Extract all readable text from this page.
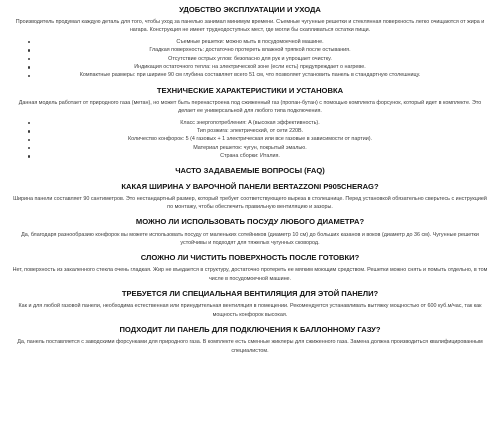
УДОБСТВО ЭКСПЛУАТАЦИИ И УХОДА

Производитель продумал каждую деталь для того, чтобы уход за панелью занимал минимум времени. Съемные чугунные решетки и стеклянная поверхность легко очищаются от жира и нагара. Конструкция не имеет труднодоступных мест, где могли бы скапливаться остатки пищи.

Съемные решетки: можно мыть в посудомоечной машине.
Гладкая поверхность: достаточно протереть влажной тряпкой после остывания.
Отсутствие острых углов: безопасно для рук и упрощает очистку.
Индикация остаточного тепла: на электрической зоне (если есть) предупреждает о нагреве.
Компактные размеры: при ширине 90 см глубина составляет всего 51 см, что позволяет установить панель в стандартную столешницу.
ТЕХНИЧЕСКИЕ ХАРАКТЕРИСТИКИ И УСТАНОВКА

Данная модель работает от природного газа (метан), но может быть перенастроена под сжиженный газ (пропан-бутан) с помощью комплекта форсунок, который идет в комплекте. Это делает ее универсальной для любого типа подключения.

Класс энергопотребления: A (высокая эффективность).
Тип розжига: электрический, от сети 220В.
Количество конфорок: 5 (4 газовых + 1 электрическая или все газовые в зависимости от партии).
Материал решеток: чугун, покрытый эмалью.
Страна сборки: Италия.
ЧАСТО ЗАДАВАЕМЫЕ ВОПРОСЫ (FAQ)
КАКАЯ ШИРИНА У ВАРОЧНОЙ ПАНЕЛИ BERTAZZONI P905CHERAG?

Ширина панели составляет 90 сантиметров. Это нестандартный размер, который требует соответствующего выреза в столешнице. Перед установкой обязательно сверьтесь с инструкцией по монтажу, чтобы обеспечить правильную вентиляцию и зазоры.

МОЖНО ЛИ ИСПОЛЬЗОВАТЬ ПОСУДУ ЛЮБОГО ДИАМЕТРА?

Да, благодаря разнообразию конфорок вы можете использовать посуду от маленьких сотейников (диаметр 10 см) до больших казанов и воков (диаметр до 36 см). Чугунные решетки устойчивы и подходят для тяжелых чугунных сковород.

СЛОЖНО ЛИ ЧИСТИТЬ ПОВЕРХНОСТЬ ПОСЛЕ ГОТОВКИ?

Нет, поверхность из закаленного стекла очень гладкая. Жир не въедается в структуру, достаточно протереть ее мягким моющим средством. Решетки можно снять и помыть отдельно, в том числе в посудомоечной машине.

ТРЕБУЕТСЯ ЛИ СПЕЦИАЛЬНАЯ ВЕНТИЛЯЦИЯ ДЛЯ ЭТОЙ ПАНЕЛИ?

Как и для любой газовой панели, необходима естественная или принудительная вентиляция в помещении. Рекомендуется устанавливать вытяжку мощностью от 600 куб.м/час, так как мощность конфорок высокая.

ПОДХОДИТ ЛИ ПАНЕЛЬ ДЛЯ ПОДКЛЮЧЕНИЯ К БАЛЛОННОМУ ГАЗУ?

Да, панель поставляется с заводскими форсунками для природного газа. В комплекте есть сменные жиклеры для сжиженного газа. Замена должна производиться квалифицированным специалистом.
